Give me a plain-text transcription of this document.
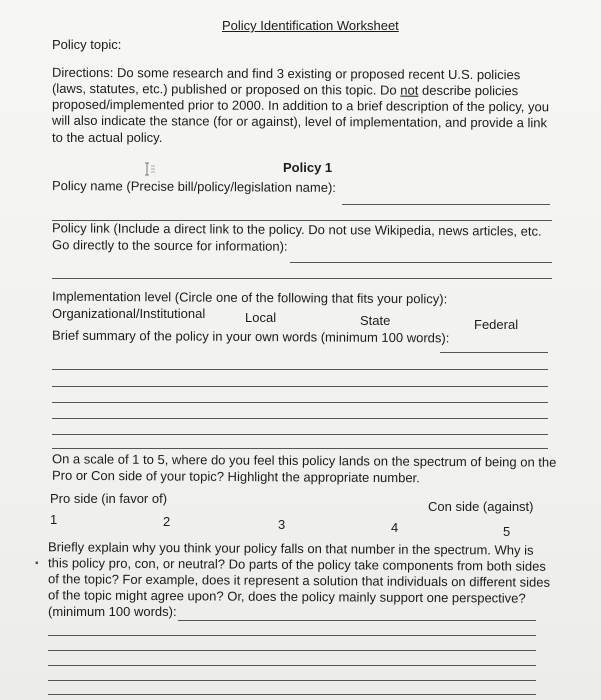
Policy Identification Worksheet
Policy topic:
Directions: Do some research and find 3 existing or proposed recent U.S. policies
(laws, statutes, etc.) published or proposed on this topic. Do not describe policies
proposed/implemented prior to 2000. In addition to a brief description of the policy, you
will also indicate the stance (for or against), level of implementation, and provide a link
to the actual policy.
Policy 1
Policy name (Precise bill/policy/legislation name):
Policy link (Include a direct link to the policy. Do not use Wikipedia, news articles, etc.
Go directly to the source for information):
Implementation level (Circle one of the following that fits your policy):
Organizational/Institutional	Local	State	Federal
Brief summary of the policy in your own words (minimum 100 words):
On a scale of 1 to 5, where do you feel this policy lands on the spectrum of being on the
Pro or Con side of your topic? Highlight the appropriate number.
Pro side (in favor of)
Con side (against)
1	2	3	4	5
▪
Briefly explain why you think your policy falls on that number in the spectrum. Why is
this policy pro, con, or neutral? Do parts of the policy take components from both sides
of the topic? For example, does it represent a solution that individuals on different sides
of the topic might agree upon? Or, does the policy mainly support one perspective?
(minimum 100 words):
